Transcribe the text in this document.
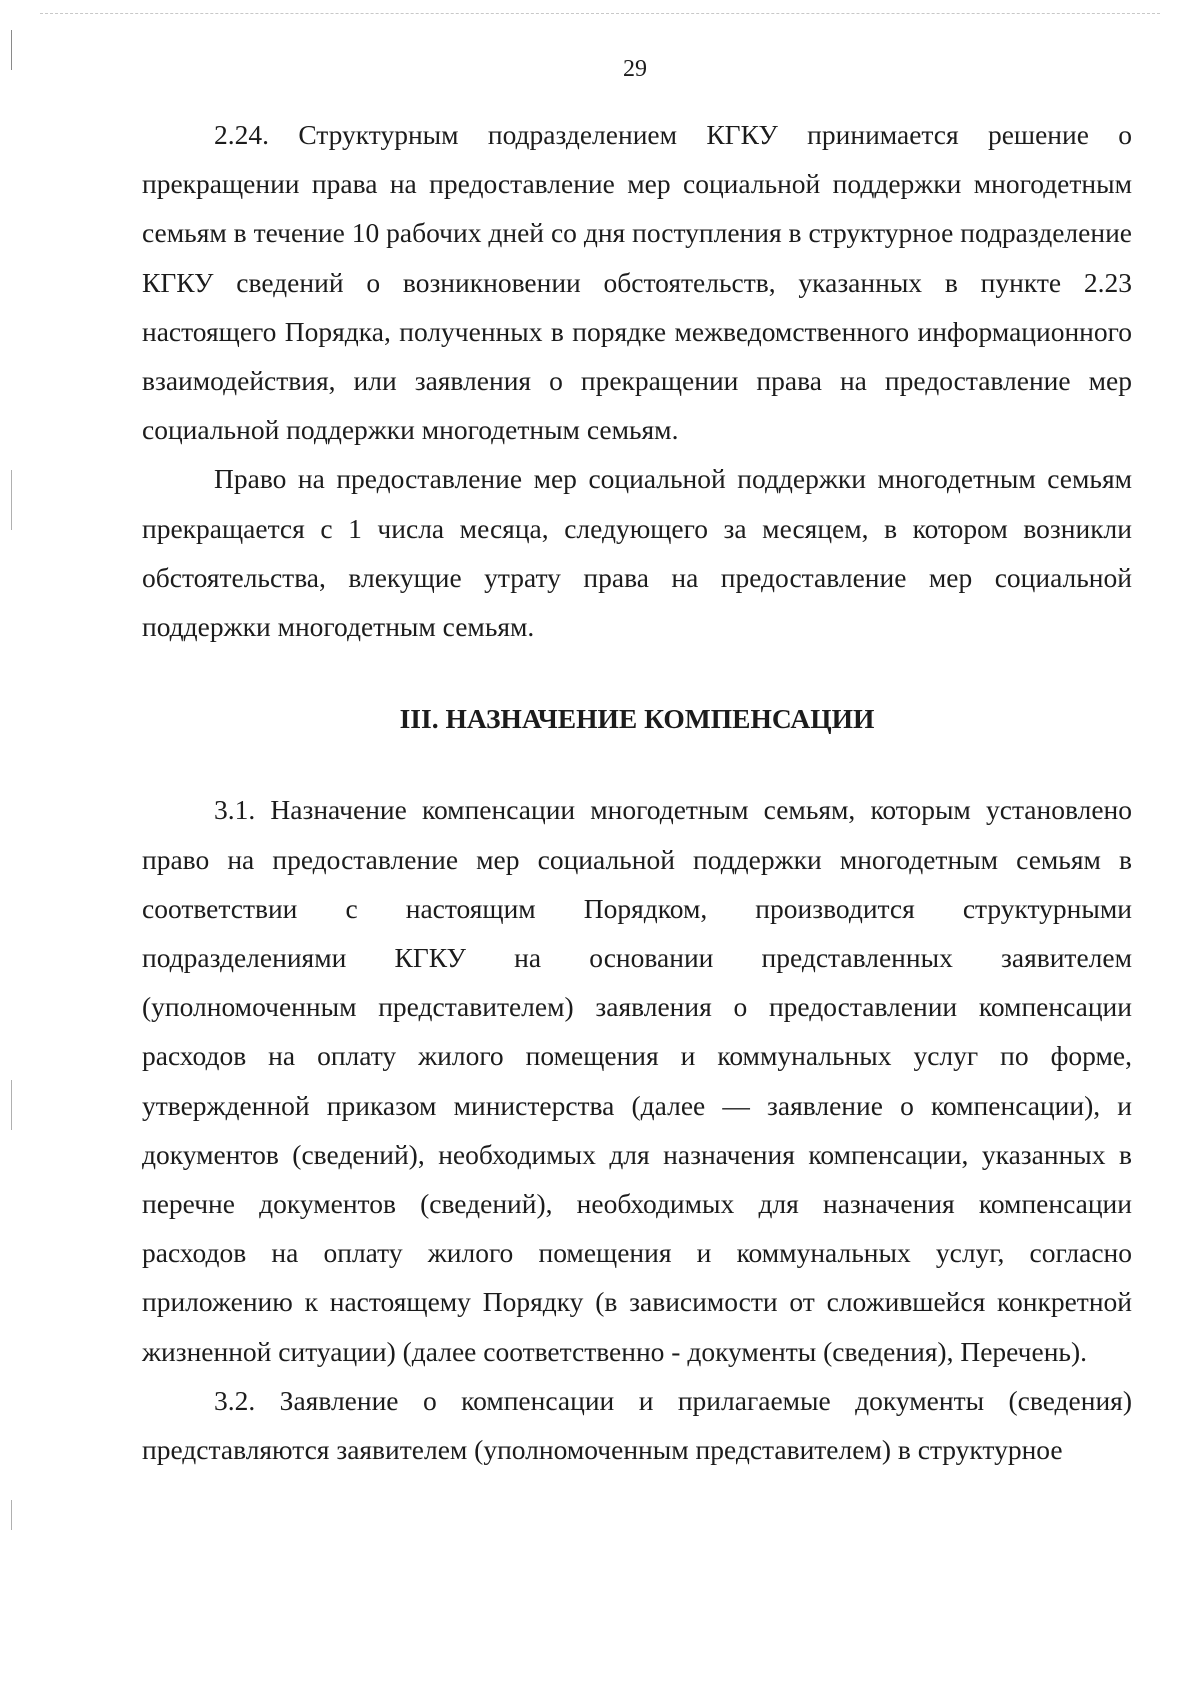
29

2.24. Структурным подразделением КГКУ принимается решение о прекращении права на предоставление мер социальной поддержки многодетным семьям в течение 10 рабочих дней со дня поступления в структурное подразделение КГКУ сведений о возникновении обстоятельств, указанных в пункте 2.23 настоящего Порядка, полученных в порядке межведомственного информационного взаимодействия, или заявления о прекращении права на предоставление мер социальной поддержки многодетным семьям.

Право на предоставление мер социальной поддержки многодетным семьям прекращается с 1 числа месяца, следующего за месяцем, в котором возникли обстоятельства, влекущие утрату права на предоставление мер социальной поддержки многодетным семьям.

III. НАЗНАЧЕНИЕ КОМПЕНСАЦИИ

3.1. Назначение компенсации многодетным семьям, которым установлено право на предоставление мер социальной поддержки многодетным семьям в соответствии с настоящим Порядком, производится структурными подразделениями КГКУ на основании представленных заявителем (уполномоченным представителем) заявления о предоставлении компенсации расходов на оплату жилого помещения и коммунальных услуг по форме, утвержденной приказом министерства (далее — заявление о компенсации), и документов (сведений), необходимых для назначения компенсации, указанных в перечне документов (сведений), необходимых для назначения компенсации расходов на оплату жилого помещения и коммунальных услуг, согласно приложению к настоящему Порядку (в зависимости от сложившейся конкретной жизненной ситуации) (далее соответственно - документы (сведения), Перечень).

3.2. Заявление о компенсации и прилагаемые документы (сведения) представляются заявителем (уполномоченным представителем) в структурное
